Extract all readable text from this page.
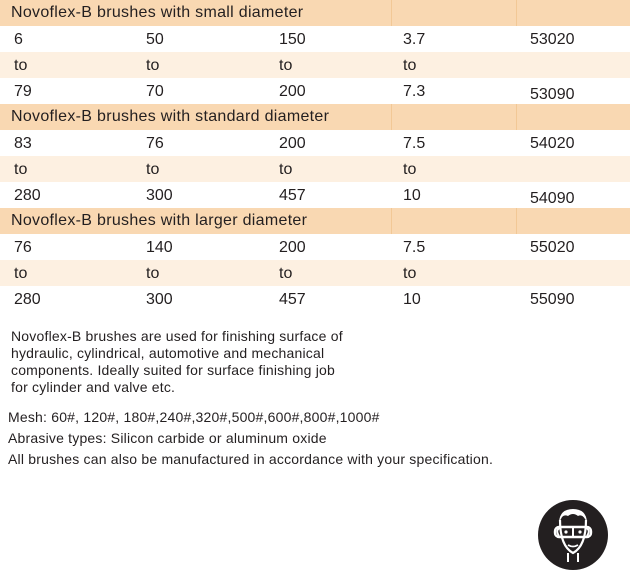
Novoflex-B brushes with small diameter
6	50	150	3.7	53020
to	to	to	to
79	70	200	7.3	53090
Novoflex-B brushes with standard diameter
83	76	200	7.5	54020
to	to	to	to
280	300	457	10	54090
Novoflex-B brushes with larger diameter
76	140	200	7.5	55020
to	to	to	to
280	300	457	10	55090

Novoflex-B brushes are used for finishing surface of

hydraulic, cylindrical, automotive and mechanical

components. Ideally suited for surface finishing job

for cylinder and valve etc.

Mesh: 60#, 120#, 180#,240#,320#,500#,600#,800#,1000#

Abrasive types: Silicon carbide or aluminum oxide

All brushes can also be manufactured in accordance with your specification.
